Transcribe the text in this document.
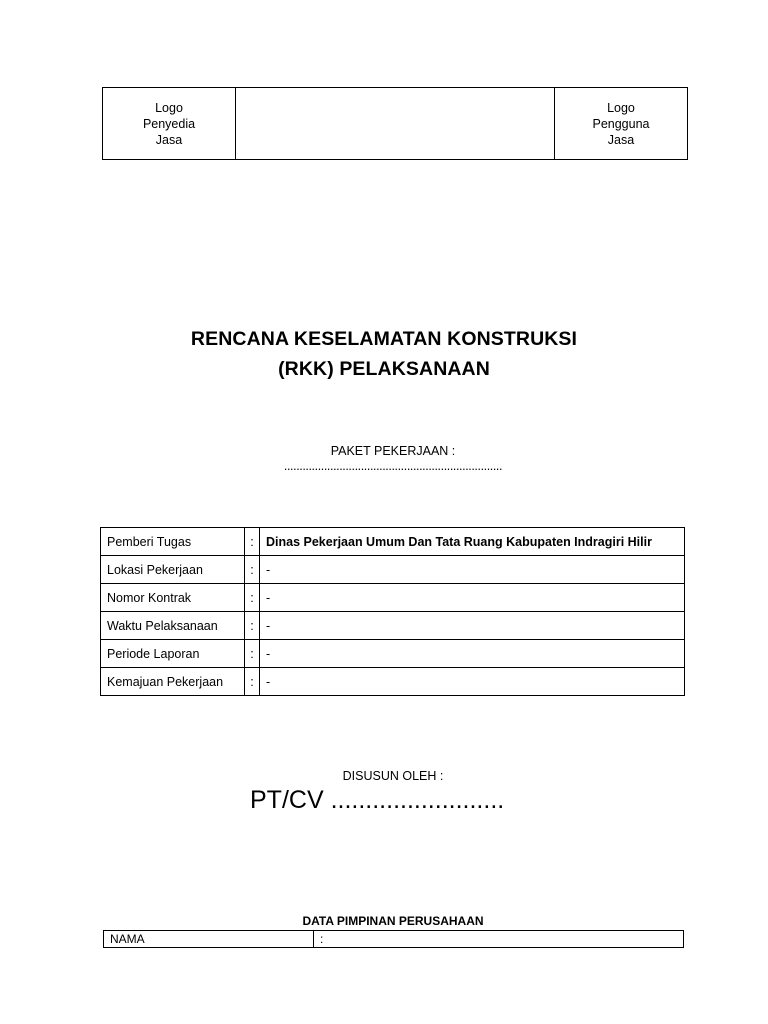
Logo
Penyedia
Jasa
Logo
Pengguna
Jasa
RENCANA KESELAMATAN KONSTRUKSI
(RKK) PELAKSANAAN
PAKET PEKERJAAN :
.......................................................................
Pemberi Tugas	:	Dinas Pekerjaan Umum Dan Tata Ruang Kabupaten Indragiri Hilir
Lokasi Pekerjaan	:	-
Nomor Kontrak	:	-
Waktu Pelaksanaan	:	-
Periode Laporan	:	-
Kemajuan Pekerjaan	:	-
DISUSUN OLEH :
PT/CV .........................
DATA PIMPINAN PERUSAHAAN
NAMA	:
